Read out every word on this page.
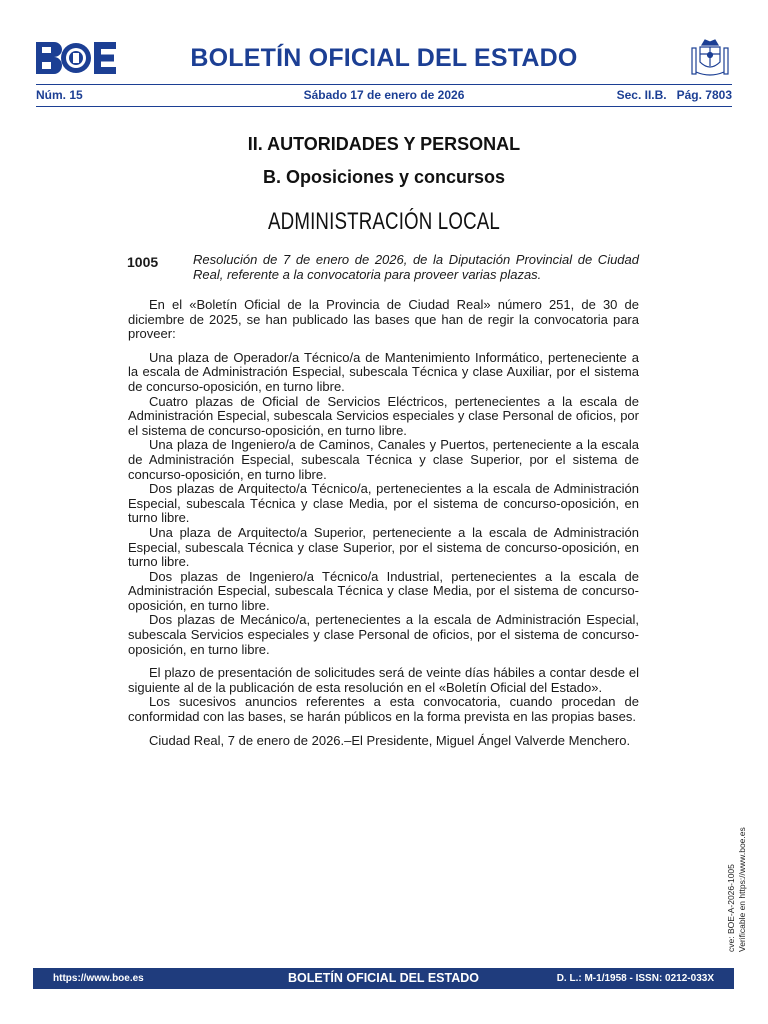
BOLETÍN OFICIAL DEL ESTADO
Núm. 15	Sábado 17 de enero de 2026	Sec. II.B. Pág. 7803
II. AUTORIDADES Y PERSONAL
B. Oposiciones y concursos
ADMINISTRACIÓN LOCAL
1005	Resolución de 7 de enero de 2026, de la Diputación Provincial de Ciudad Real, referente a la convocatoria para proveer varias plazas.

En el «Boletín Oficial de la Provincia de Ciudad Real» número 251, de 30 de diciembre de 2025, se han publicado las bases que han de regir la convocatoria para proveer:

Una plaza de Operador/a Técnico/a de Mantenimiento Informático, perteneciente a la escala de Administración Especial, subescala Técnica y clase Auxiliar, por el sistema de concurso-oposición, en turno libre.

Cuatro plazas de Oficial de Servicios Eléctricos, pertenecientes a la escala de Administración Especial, subescala Servicios especiales y clase Personal de oficios, por el sistema de concurso-oposición, en turno libre.

Una plaza de Ingeniero/a de Caminos, Canales y Puertos, perteneciente a la escala de Administración Especial, subescala Técnica y clase Superior, por el sistema de concurso-oposición, en turno libre.

Dos plazas de Arquitecto/a Técnico/a, pertenecientes a la escala de Administración Especial, subescala Técnica y clase Media, por el sistema de concurso-oposición, en turno libre.

Una plaza de Arquitecto/a Superior, perteneciente a la escala de Administración Especial, subescala Técnica y clase Superior, por el sistema de concurso-oposición, en turno libre.

Dos plazas de Ingeniero/a Técnico/a Industrial, pertenecientes a la escala de Administración Especial, subescala Técnica y clase Media, por el sistema de concurso-oposición, en turno libre.

Dos plazas de Mecánico/a, pertenecientes a la escala de Administración Especial, subescala Servicios especiales y clase Personal de oficios, por el sistema de concurso-oposición, en turno libre.

El plazo de presentación de solicitudes será de veinte días hábiles a contar desde el siguiente al de la publicación de esta resolución en el «Boletín Oficial del Estado».

Los sucesivos anuncios referentes a esta convocatoria, cuando procedan de conformidad con las bases, se harán públicos en la forma prevista en las propias bases.

Ciudad Real, 7 de enero de 2026.–El Presidente, Miguel Ángel Valverde Menchero.

cve: BOE-A-2026-1005 Verificable en https://www.boe.es
https://www.boe.es	BOLETÍN OFICIAL DEL ESTADO	D. L.: M-1/1958 - ISSN: 0212-033X
